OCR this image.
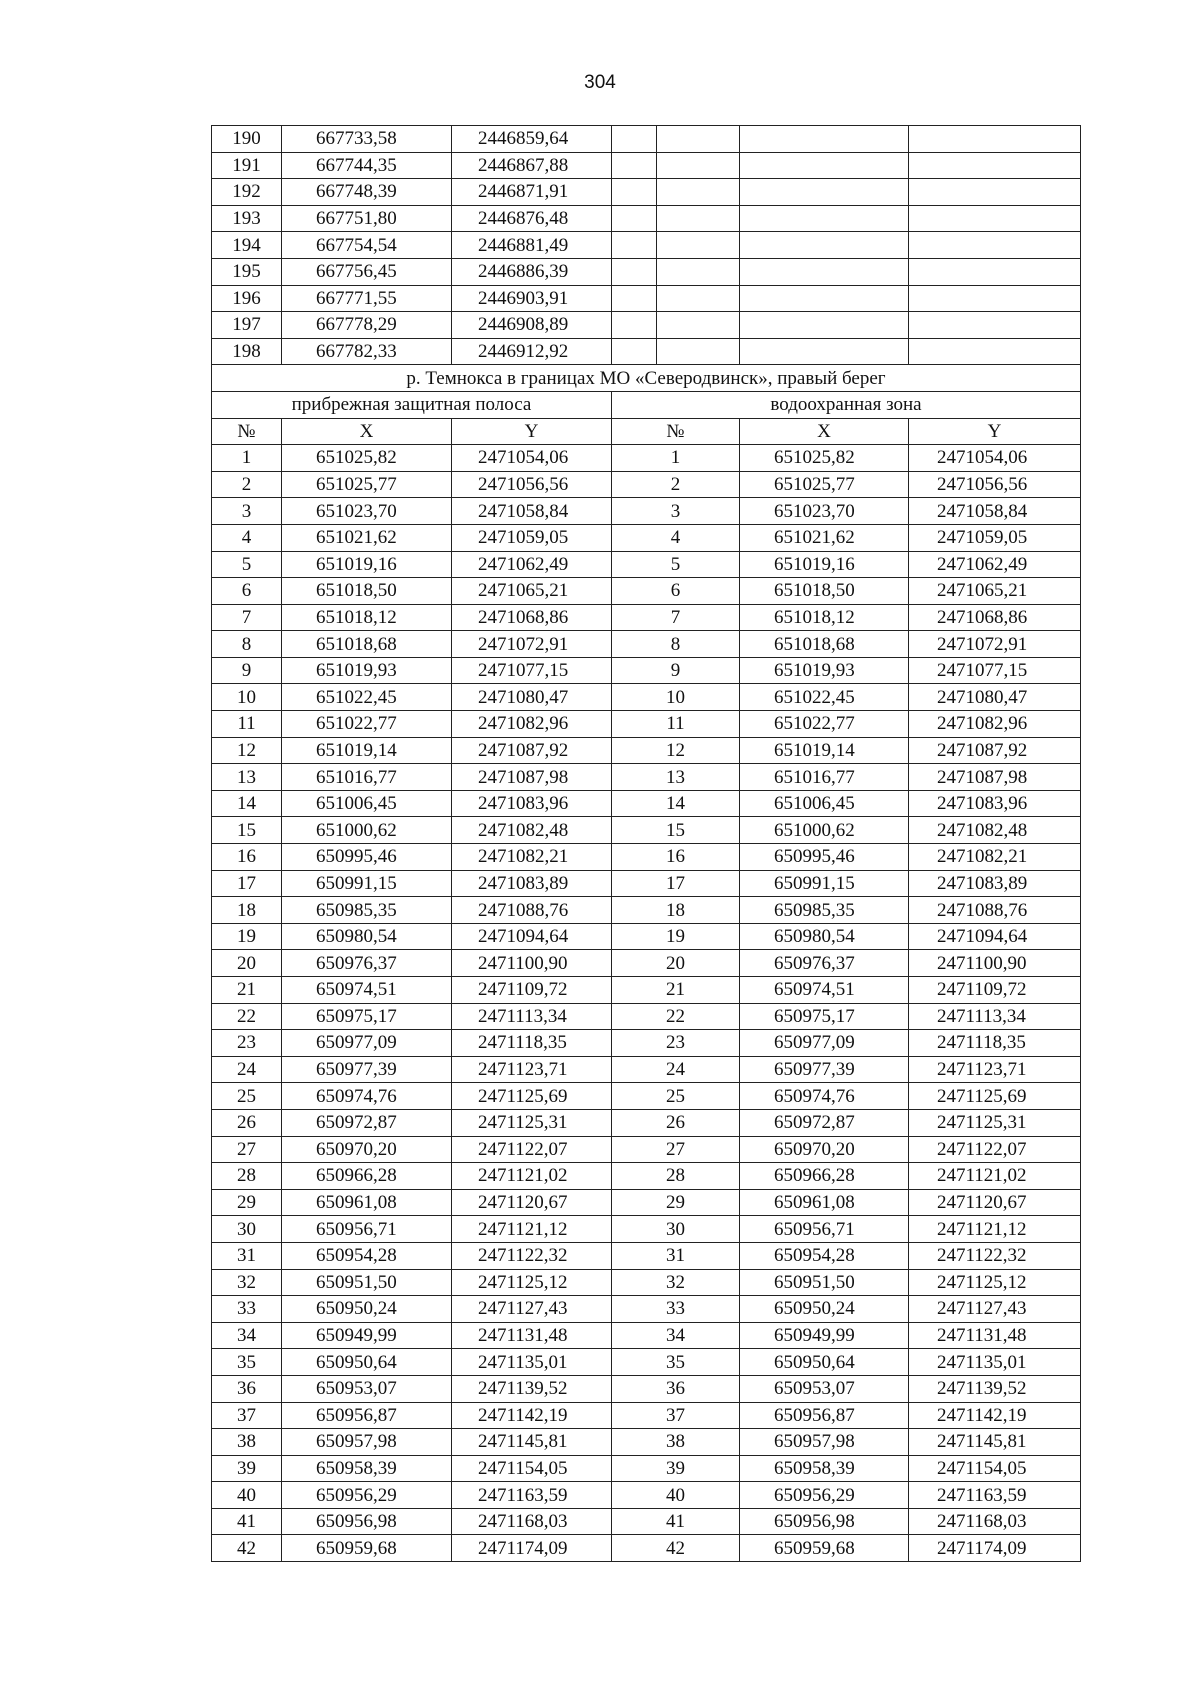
304
190	667733,58	2446859,64				
191	667744,35	2446867,88				
192	667748,39	2446871,91				
193	667751,80	2446876,48				
194	667754,54	2446881,49				
195	667756,45	2446886,39				
196	667771,55	2446903,91				
197	667778,29	2446908,89				
198	667782,33	2446912,92				
р. Темнокса в границах МО «Северодвинск», правый берег						
прибрежная защитная полоса			водоохранная зона			
№	X	Y	№		X	Y
1	651025,82	2471054,06	1		651025,82	2471054,06
2	651025,77	2471056,56	2		651025,77	2471056,56
3	651023,70	2471058,84	3		651023,70	2471058,84
4	651021,62	2471059,05	4		651021,62	2471059,05
5	651019,16	2471062,49	5		651019,16	2471062,49
6	651018,50	2471065,21	6		651018,50	2471065,21
7	651018,12	2471068,86	7		651018,12	2471068,86
8	651018,68	2471072,91	8		651018,68	2471072,91
9	651019,93	2471077,15	9		651019,93	2471077,15
10	651022,45	2471080,47	10		651022,45	2471080,47
11	651022,77	2471082,96	11		651022,77	2471082,96
12	651019,14	2471087,92	12		651019,14	2471087,92
13	651016,77	2471087,98	13		651016,77	2471087,98
14	651006,45	2471083,96	14		651006,45	2471083,96
15	651000,62	2471082,48	15		651000,62	2471082,48
16	650995,46	2471082,21	16		650995,46	2471082,21
17	650991,15	2471083,89	17		650991,15	2471083,89
18	650985,35	2471088,76	18		650985,35	2471088,76
19	650980,54	2471094,64	19		650980,54	2471094,64
20	650976,37	2471100,90	20		650976,37	2471100,90
21	650974,51	2471109,72	21		650974,51	2471109,72
22	650975,17	2471113,34	22		650975,17	2471113,34
23	650977,09	2471118,35	23		650977,09	2471118,35
24	650977,39	2471123,71	24		650977,39	2471123,71
25	650974,76	2471125,69	25		650974,76	2471125,69
26	650972,87	2471125,31	26		650972,87	2471125,31
27	650970,20	2471122,07	27		650970,20	2471122,07
28	650966,28	2471121,02	28		650966,28	2471121,02
29	650961,08	2471120,67	29		650961,08	2471120,67
30	650956,71	2471121,12	30		650956,71	2471121,12
31	650954,28	2471122,32	31		650954,28	2471122,32
32	650951,50	2471125,12	32		650951,50	2471125,12
33	650950,24	2471127,43	33		650950,24	2471127,43
34	650949,99	2471131,48	34		650949,99	2471131,48
35	650950,64	2471135,01	35		650950,64	2471135,01
36	650953,07	2471139,52	36		650953,07	2471139,52
37	650956,87	2471142,19	37		650956,87	2471142,19
38	650957,98	2471145,81	38		650957,98	2471145,81
39	650958,39	2471154,05	39		650958,39	2471154,05
40	650956,29	2471163,59	40		650956,29	2471163,59
41	650956,98	2471168,03	41		650956,98	2471168,03
42	650959,68	2471174,09	42		650959,68	2471174,09
